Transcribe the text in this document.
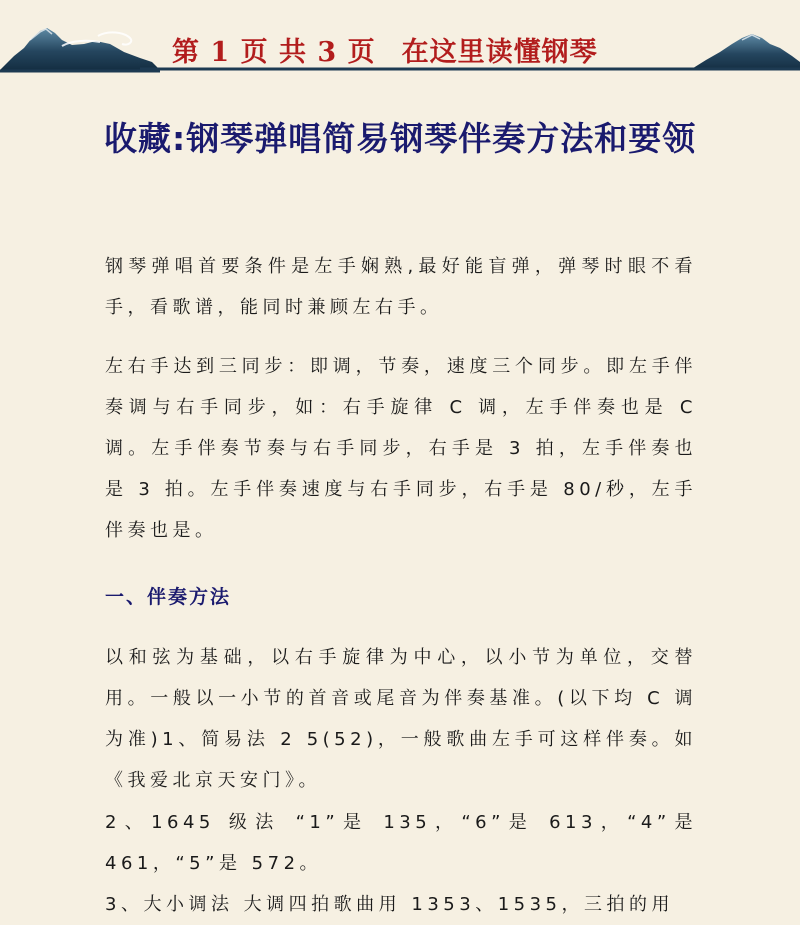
第 1 页 共 3 页 在这里读懂钢琴
收藏:钢琴弹唱简易钢琴伴奏方法和要领
钢琴弹唱首要条件是左手娴熟,最好能盲弹，弹琴时眼不看手，看歌谱，能同时兼顾左右手。
左右手达到三同步：即调，节奏，速度三个同步。即左手伴奏调与右手同步，如：右手旋律 C 调，左手伴奏也是 C 调。左手伴奏节奏与右手同步，右手是 3 拍，左手伴奏也是 3 拍。左手伴奏速度与右手同步，右手是 80/秒，左手伴奏也是。
一、伴奏方法
以和弦为基础，以右手旋律为中心，以小节为单位，交替用。一般以一小节的首音或尾音为伴奏基准。(以下均 C 调为准)1、简易法 2 5(52)，一般歌曲左手可这样伴奏。如《我爱北京天安门》。
2、1645 级法 “1”是 135，“6”是 613，“4”是 461，“5”是 572。
3、大小调法 大调四拍歌曲用 1353、1535，三拍的用
